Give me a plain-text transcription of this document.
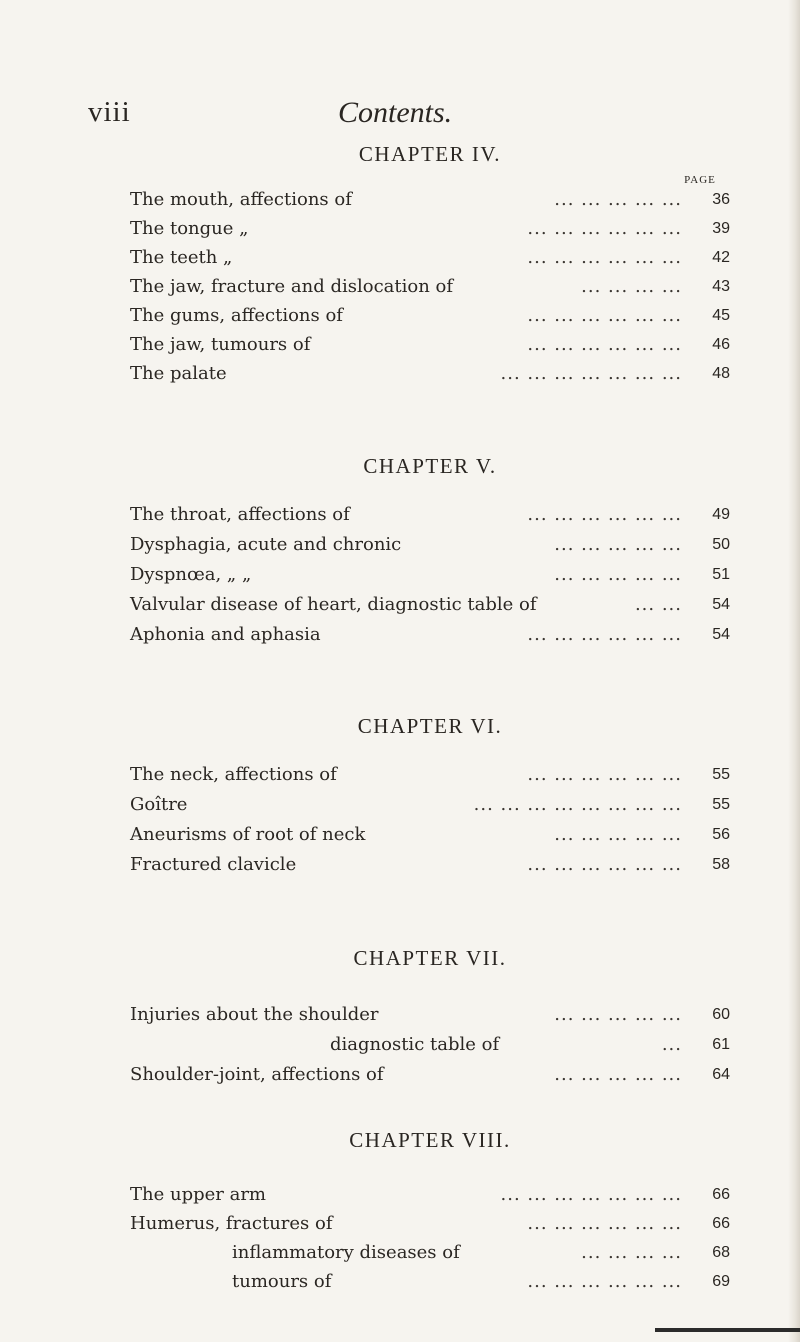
viii	Contents.
PAGE
CHAPTER IV.
The mouth, affections of	... ... ... ... ...	36
The tongue „	... ... ... ... ... ...	39
The teeth „	... ... ... ... ... ...	42
The jaw, fracture and dislocation of	... ... ... ...	43
The gums, affections of	... ... ... ... ... ...	45
The jaw, tumours of	... ... ... ... ... ...	46
The palate	... ... ... ... ... ... ...	48
CHAPTER V.
The throat, affections of	... ... ... ... ... ...	49
Dysphagia, acute and chronic	... ... ... ... ...	50
Dyspnœa, „ „	... ... ... ... ...	51
Valvular disease of heart, diagnostic table of	... ...	54
Aphonia and aphasia	... ... ... ... ... ...	54
CHAPTER VI.
The neck, affections of	... ... ... ... ... ...	55
Goître	... ... ... ... ... ... ... ...	55
Aneurisms of root of neck	... ... ... ... ...	56
Fractured clavicle	... ... ... ... ... ...	58
CHAPTER VII.
Injuries about the shoulder	... ... ... ... ...	60
diagnostic table of	...	61
Shoulder-joint, affections of	... ... ... ... ...	64
CHAPTER VIII.
The upper arm	... ... ... ... ... ... ...	66
Humerus, fractures of	... ... ... ... ... ...	66
inflammatory diseases of	... ... ... ...	68
tumours of	... ... ... ... ... ...	69
